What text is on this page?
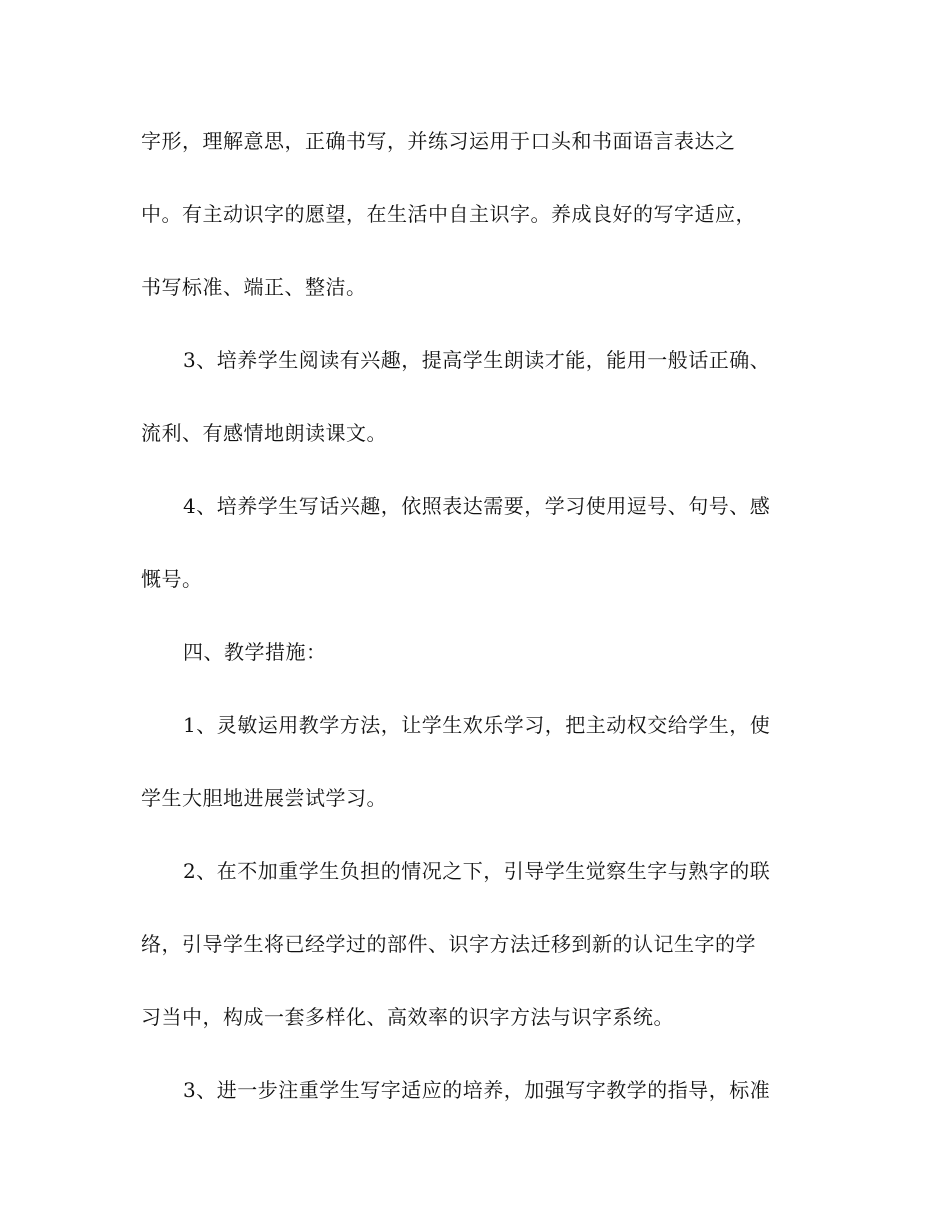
字形，理解意思，正确书写，并练习运用于口头和书面语言表达之
中。有主动识字的愿望，在生活中自主识字。养成良好的写字适应，
书写标准、端正、整洁。
3、培养学生阅读有兴趣，提高学生朗读才能，能用一般话正确、
流利、有感情地朗读课文。
4、培养学生写话兴趣，依照表达需要，学习使用逗号、句号、感
慨号。
四、教学措施：
1、灵敏运用教学方法，让学生欢乐学习，把主动权交给学生，使
学生大胆地进展尝试学习。
2、在不加重学生负担的情况之下，引导学生觉察生字与熟字的联
络，引导学生将已经学过的部件、识字方法迁移到新的认记生字的学
习当中，构成一套多样化、高效率的识字方法与识字系统。
3、进一步注重学生写字适应的培养，加强写字教学的指导，标准
